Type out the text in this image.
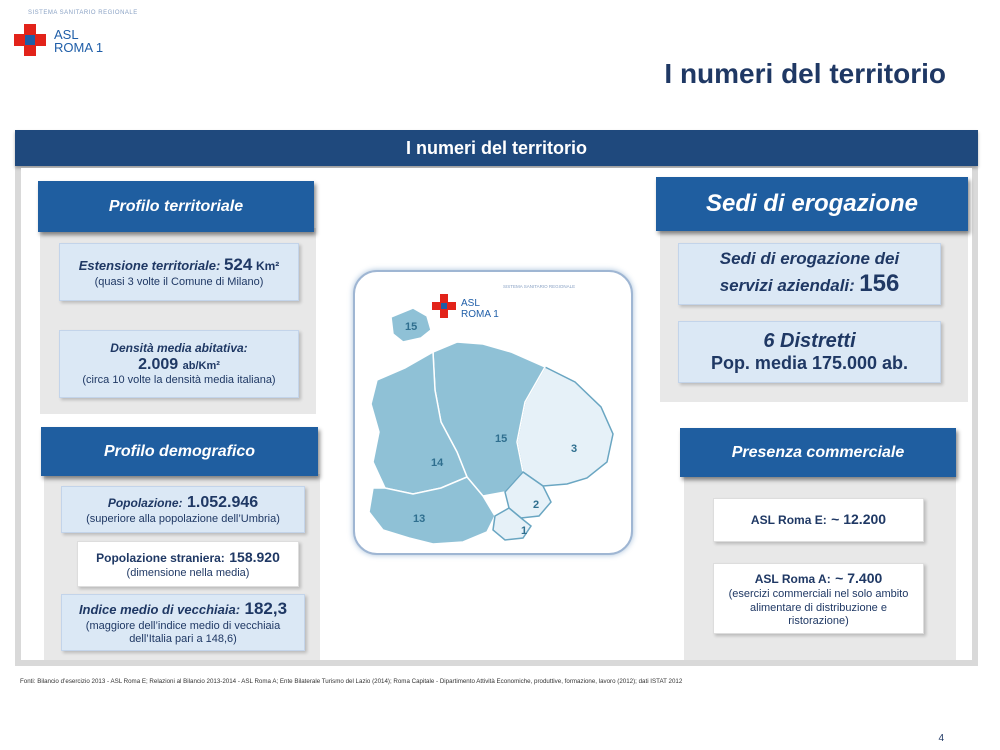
SISTEMA SANITARIO REGIONALE
ASL
ROMA 1
I numeri del territorio
I numeri del territorio
Profilo territoriale
Estensione territoriale: 524 Km²
(quasi 3 volte il Comune di Milano)
Densità media abitativa:
2.009 ab/Km²
(circa 10 volte la densità media italiana)
Profilo demografico
Popolazione: 1.052.946
(superiore alla popolazione dell’Umbria)
Popolazione straniera: 158.920
(dimensione nella media)
Indice medio di vecchiaia: 182,3
(maggiore dell’indice medio di vecchiaia
dell’Italia pari a 148,6)
SISTEMA SANITARIO REGIONALE
ASL
ROMA 1
15
15
3
14
13
2
1
Sedi di erogazione
Sedi di erogazione dei
servizi aziendali: 156
6 Distretti
Pop. media 175.000 ab.
Presenza commerciale
ASL Roma E: ~ 12.200
ASL Roma A: ~ 7.400
(esercizi commerciali nel solo ambito
alimentare di distribuzione e
ristorazione)
Fonti: Bilancio d’esercizio 2013 - ASL Roma E; Relazioni al Bilancio 2013-2014 - ASL Roma A; Ente Bilaterale Turismo del Lazio (2014); Roma Capitale - Dipartimento Attività Economiche, produttive, formazione, lavoro (2012); dati ISTAT 2012
4
